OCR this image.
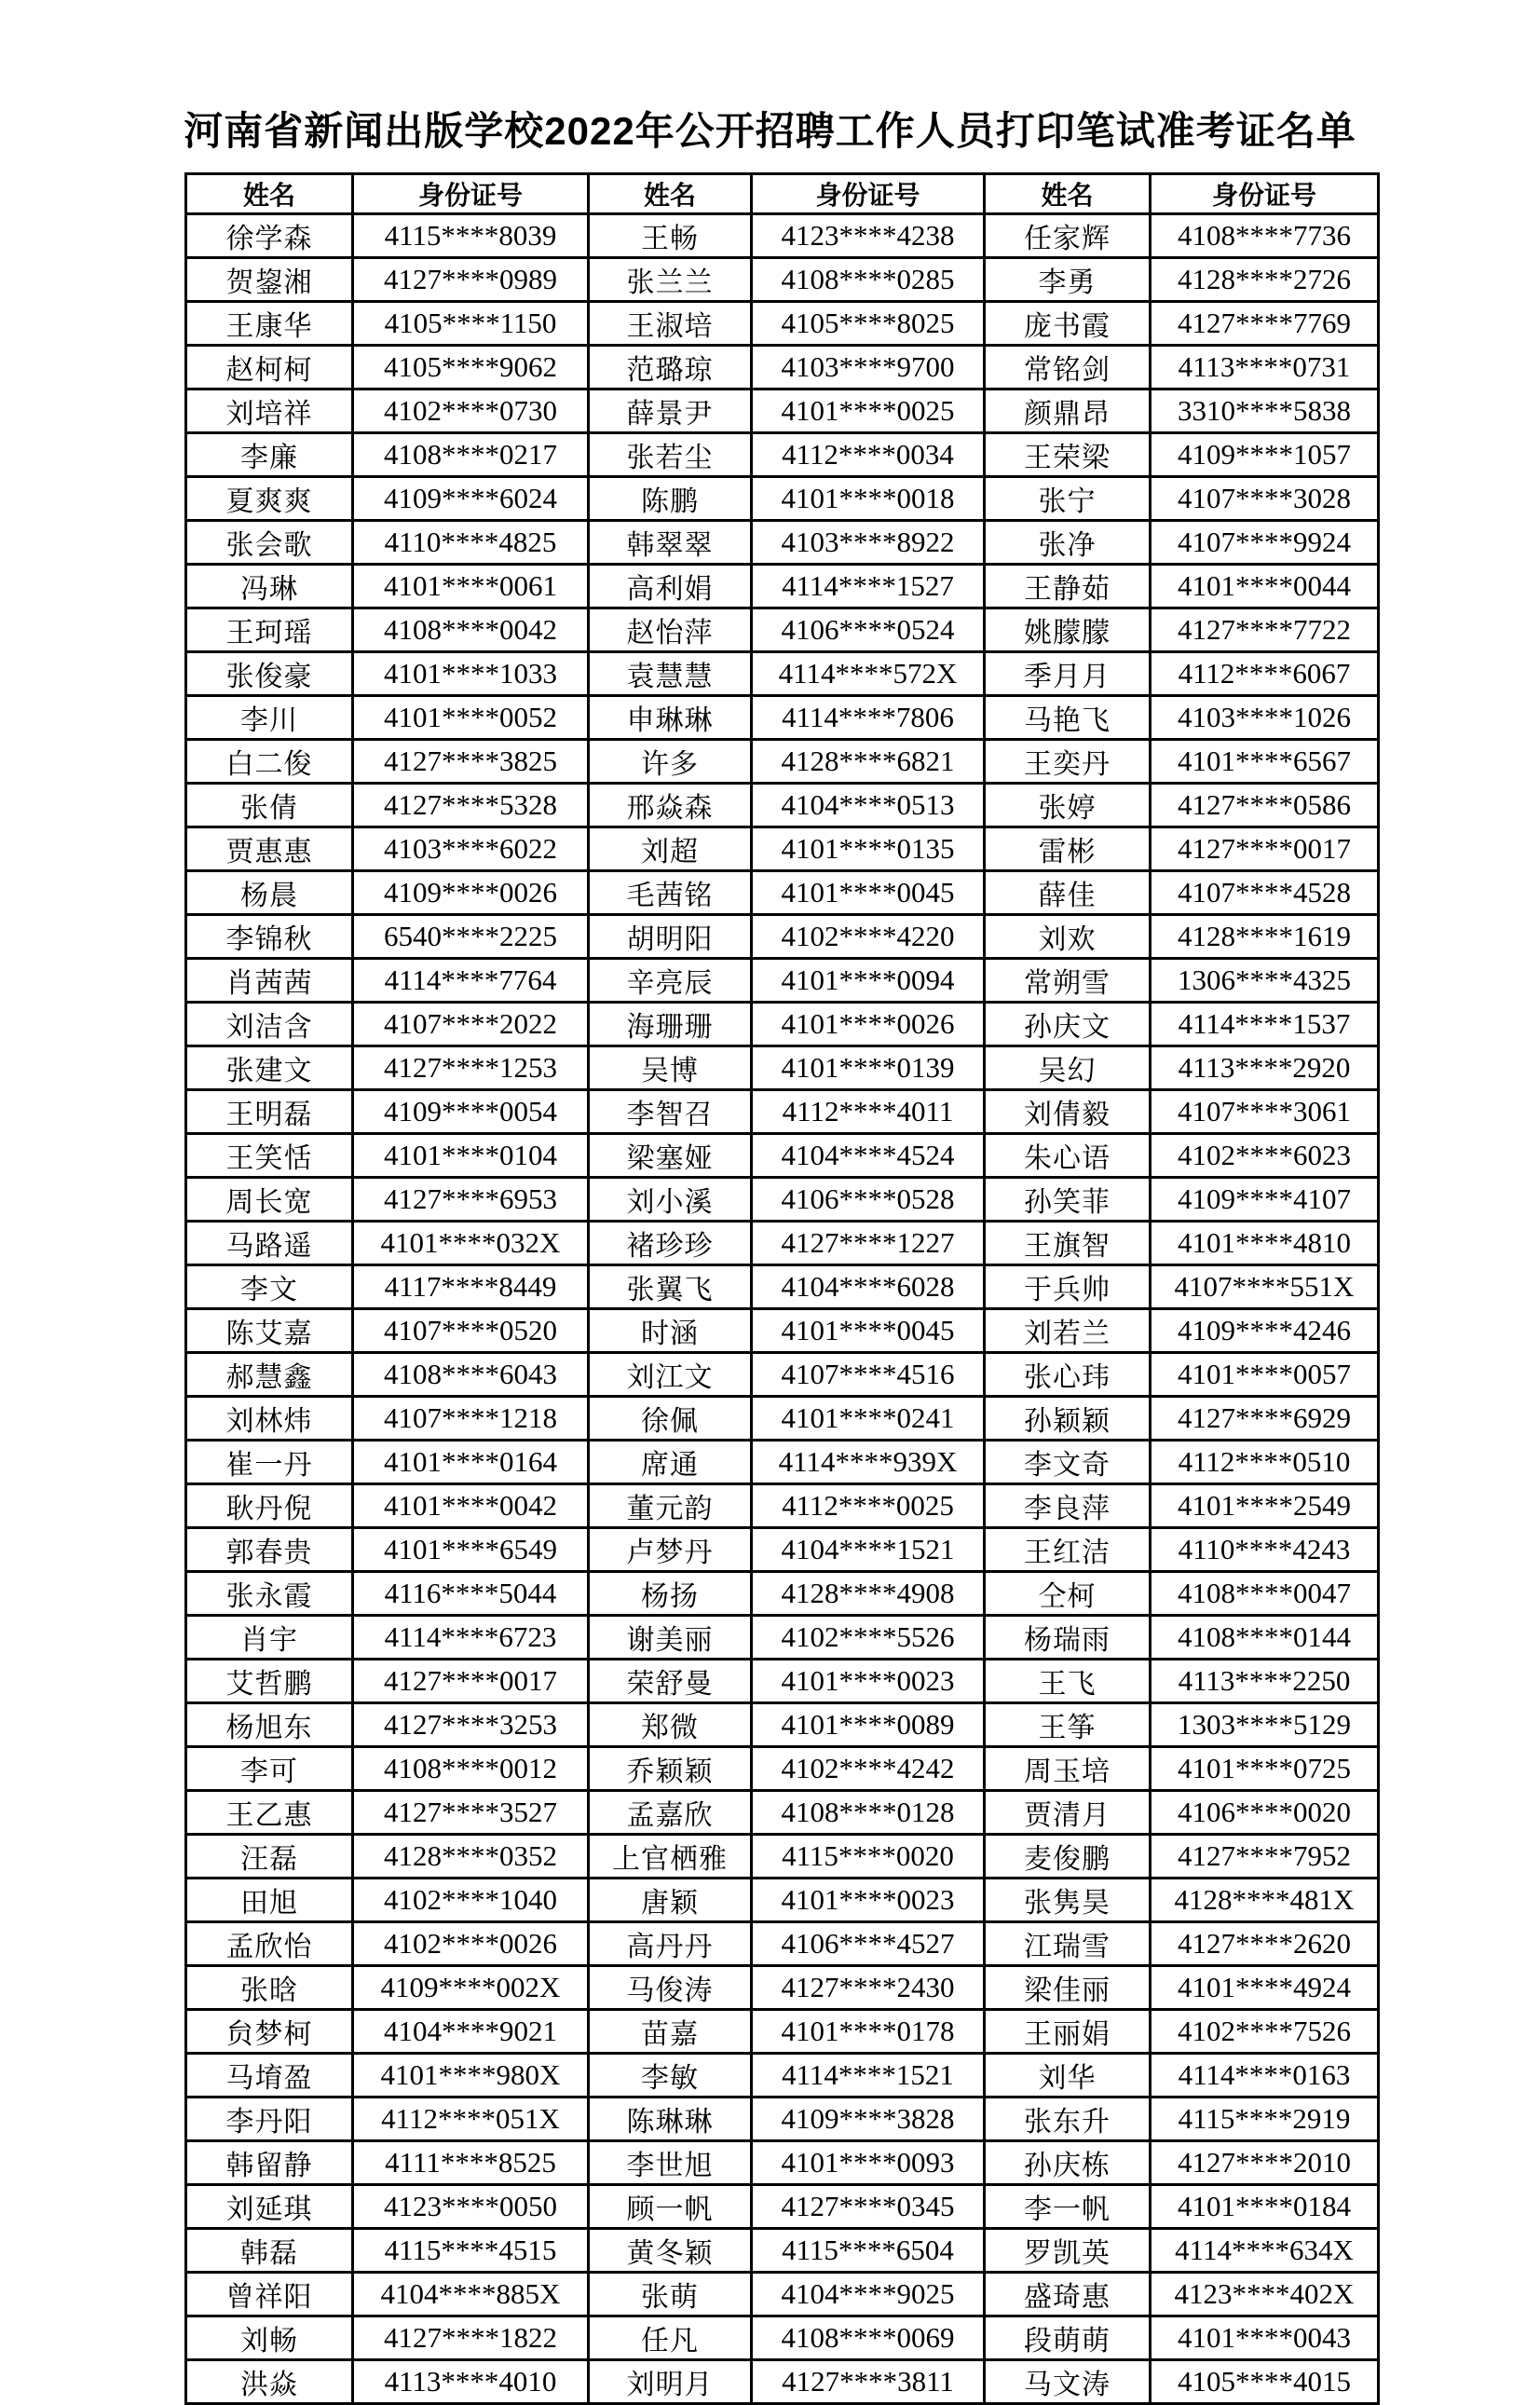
河南省新闻出版学校2022年公开招聘工作人员打印笔试准考证名单
姓名	身份证号	姓名	身份证号	姓名	身份证号
徐学森	4115****8039	王畅	4123****4238	任家辉	4108****7736
贺鋆湘	4127****0989	张兰兰	4108****0285	李勇	4128****2726
王康华	4105****1150	王淑培	4105****8025	庞书霞	4127****7769
赵柯柯	4105****9062	范璐琼	4103****9700	常铭剑	4113****0731
刘培祥	4102****0730	薛景尹	4101****0025	颜鼎昂	3310****5838
李廉	4108****0217	张若尘	4112****0034	王荣梁	4109****1057
夏爽爽	4109****6024	陈鹏	4101****0018	张宁	4107****3028
张会歌	4110****4825	韩翠翠	4103****8922	张净	4107****9924
冯琳	4101****0061	高利娟	4114****1527	王静茹	4101****0044
王珂瑶	4108****0042	赵怡萍	4106****0524	姚朦朦	4127****7722
张俊豪	4101****1033	袁慧慧	4114****572X	季月月	4112****6067
李川	4101****0052	申琳琳	4114****7806	马艳飞	4103****1026
白二俊	4127****3825	许多	4128****6821	王奕丹	4101****6567
张倩	4127****5328	邢焱森	4104****0513	张婷	4127****0586
贾惠惠	4103****6022	刘超	4101****0135	雷彬	4127****0017
杨晨	4109****0026	毛茜铭	4101****0045	薛佳	4107****4528
李锦秋	6540****2225	胡明阳	4102****4220	刘欢	4128****1619
肖茜茜	4114****7764	辛亮辰	4101****0094	常朔雪	1306****4325
刘洁含	4107****2022	海珊珊	4101****0026	孙庆文	4114****1537
张建文	4127****1253	吴博	4101****0139	吴幻	4113****2920
王明磊	4109****0054	李智召	4112****4011	刘倩毅	4107****3061
王笑恬	4101****0104	梁塞娅	4104****4524	朱心语	4102****6023
周长宽	4127****6953	刘小溪	4106****0528	孙笑菲	4109****4107
马路遥	4101****032X	褚珍珍	4127****1227	王旗智	4101****4810
李文	4117****8449	张翼飞	4104****6028	于兵帅	4107****551X
陈艾嘉	4107****0520	时涵	4101****0045	刘若兰	4109****4246
郝慧鑫	4108****6043	刘江文	4107****4516	张心玮	4101****0057
刘林炜	4107****1218	徐佩	4101****0241	孙颖颖	4127****6929
崔一丹	4101****0164	席通	4114****939X	李文奇	4112****0510
耿丹倪	4101****0042	董元韵	4112****0025	李良萍	4101****2549
郭春贵	4101****6549	卢梦丹	4104****1521	王红洁	4110****4243
张永霞	4116****5044	杨扬	4128****4908	仝柯	4108****0047
肖宇	4114****6723	谢美丽	4102****5526	杨瑞雨	4108****0144
艾哲鹏	4127****0017	荣舒曼	4101****0023	王飞	4113****2250
杨旭东	4127****3253	郑微	4101****0089	王筝	1303****5129
李可	4108****0012	乔颖颖	4102****4242	周玉培	4101****0725
王乙惠	4127****3527	孟嘉欣	4108****0128	贾清月	4106****0020
汪磊	4128****0352	上官栖雅	4115****0020	麦俊鹏	4127****7952
田旭	4102****1040	唐颖	4101****0023	张隽昊	4128****481X
孟欣怡	4102****0026	高丹丹	4106****4527	江瑞雪	4127****2620
张晗	4109****002X	马俊涛	4127****2430	梁佳丽	4101****4924
贠梦柯	4104****9021	苗嘉	4101****0178	王丽娟	4102****7526
马堉盈	4101****980X	李敏	4114****1521	刘华	4114****0163
李丹阳	4112****051X	陈琳琳	4109****3828	张东升	4115****2919
韩留静	4111****8525	李世旭	4101****0093	孙庆栋	4127****2010
刘延琪	4123****0050	顾一帆	4127****0345	李一帆	4101****0184
韩磊	4115****4515	黄冬颖	4115****6504	罗凯英	4114****634X
曾祥阳	4104****885X	张萌	4104****9025	盛琦惠	4123****402X
刘畅	4127****1822	任凡	4108****0069	段萌萌	4101****0043
洪焱	4113****4010	刘明月	4127****3811	马文涛	4105****4015
